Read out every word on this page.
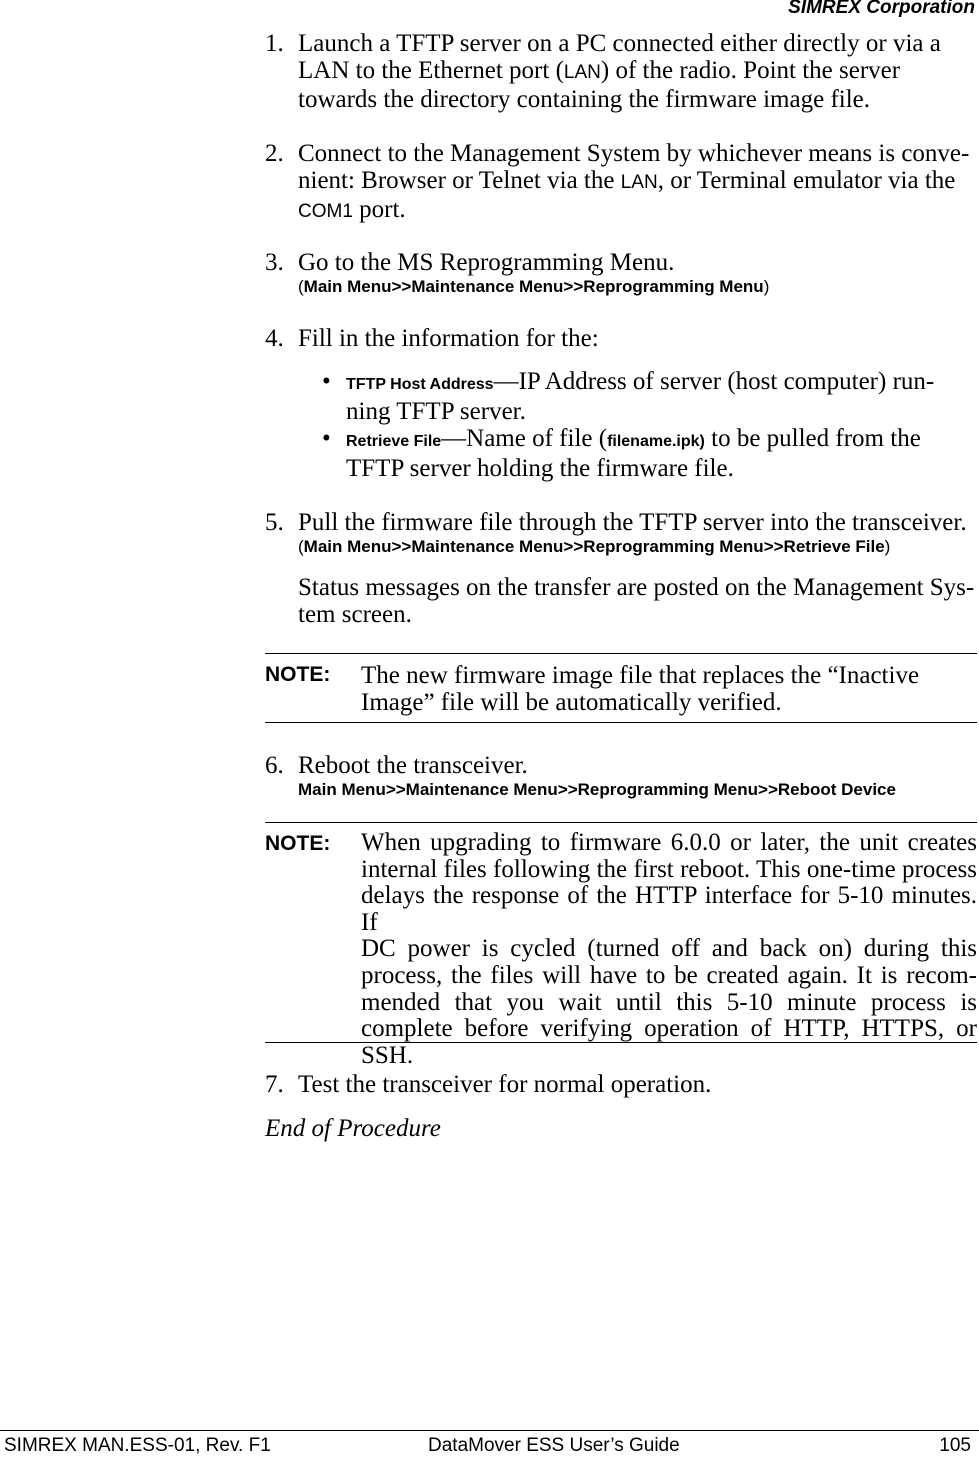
SIMREX Corporation
1. Launch a TFTP server on a PC connected either directly or via a
LAN to the Ethernet port (LAN) of the radio. Point the server
towards the directory containing the firmware image file.
2. Connect to the Management System by whichever means is conve-
nient: Browser or Telnet via the LAN, or Terminal emulator via the
COM1 port.
3. Go to the MS Reprogramming Menu.
(Main Menu>>Maintenance Menu>>Reprogramming Menu)
4. Fill in the information for the:
• TFTP Host Address—IP Address of server (host computer) run-
ning TFTP server.
• Retrieve File—Name of file (filename.ipk) to be pulled from the
TFTP server holding the firmware file.
5. Pull the firmware file through the TFTP server into the transceiver.
(Main Menu>>Maintenance Menu>>Reprogramming Menu>>Retrieve File)
Status messages on the transfer are posted on the Management Sys-
tem screen.
NOTE: The new firmware image file that replaces the “Inactive
Image” file will be automatically verified.
6. Reboot the transceiver.
Main Menu>>Maintenance Menu>>Reprogramming Menu>>Reboot Device
NOTE: When upgrading to firmware 6.0.0 or later, the unit creates
internal files following the first reboot. This one-time process
delays the response of the HTTP interface for 5-10 minutes. If
DC power is cycled (turned off and back on) during this
process, the files will have to be created again. It is recom-
mended that you wait until this 5-10 minute process is
complete before verifying operation of HTTP, HTTPS, or
SSH.
7. Test the transceiver for normal operation.
End of Procedure
SIMREX MAN.ESS-01, Rev. F1	DataMover ESS User’s Guide	105
